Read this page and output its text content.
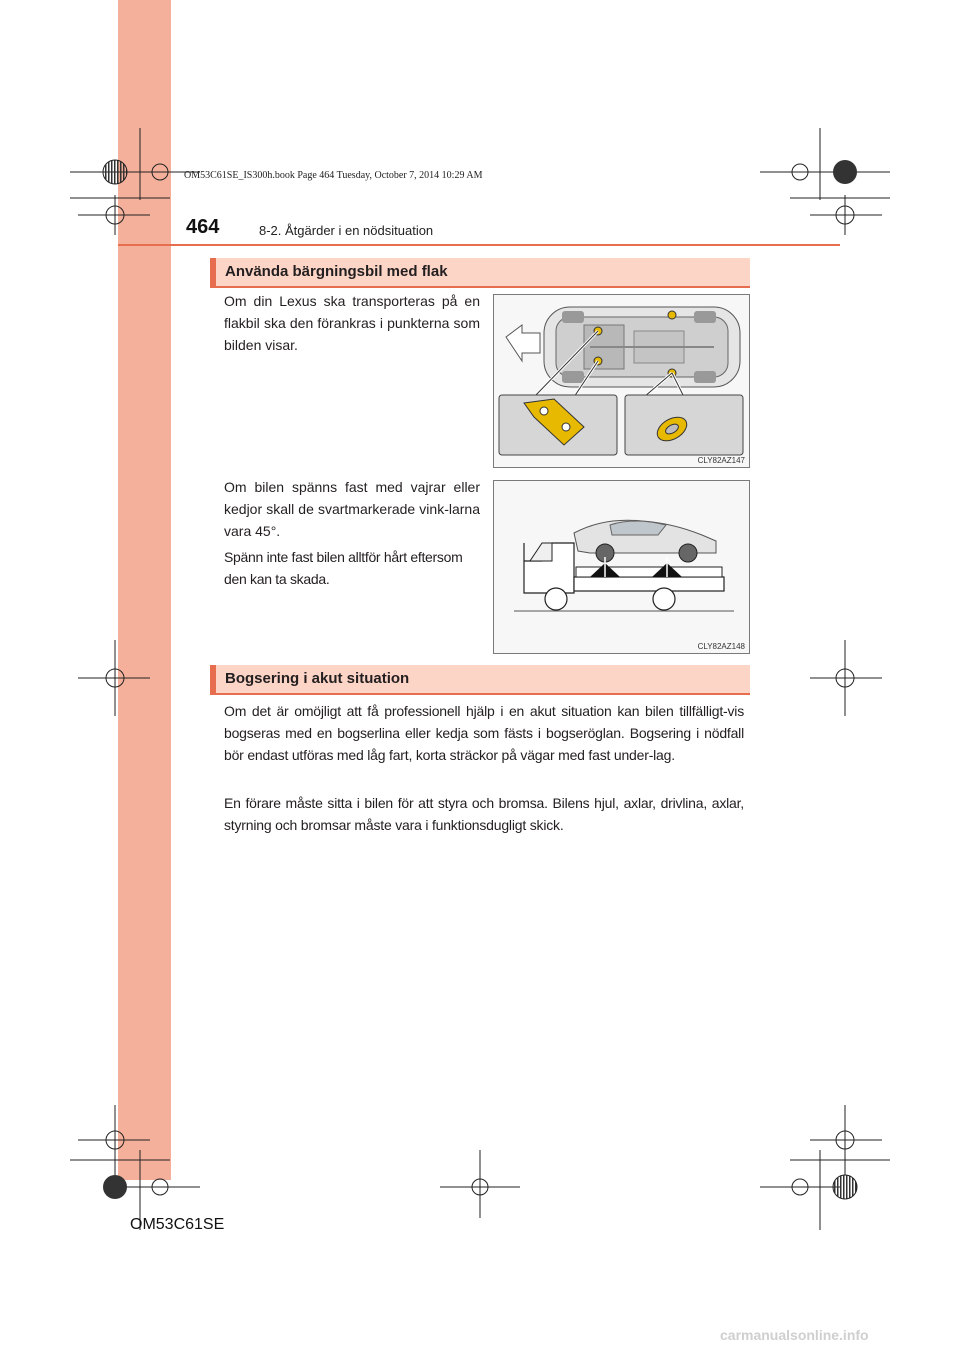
OM53C61SE_IS300h.book Page 464 Tuesday, October 7, 2014 10:29 AM
464	8-2. Åtgärder i en nödsituation
Använda bärgningsbil med flak

Om din Lexus ska transporteras på en flakbil ska den förankras i punkterna som bilden visar.

Om bilen spänns fast med vajrar eller kedjor skall de svartmarkerade vink-larna vara 45°.

Spänn inte fast bilen alltför hårt eftersom den kan ta skada.

CLY82AZ147
CLY82AZ148
Bogsering i akut situation

Om det är omöjligt att få professionell hjälp i en akut situation kan bilen tillfälligt-vis bogseras med en bogserlina eller kedja som fästs i bogseröglan. Bogsering i nödfall bör endast utföras med låg fart, korta sträckor på vägar med fast under-lag.

En förare måste sitta i bilen för att styra och bromsa. Bilens hjul, axlar, drivlina, axlar, styrning och bromsar måste vara i funktionsdugligt skick.

OM53C61SE
carmanualsonline.info
